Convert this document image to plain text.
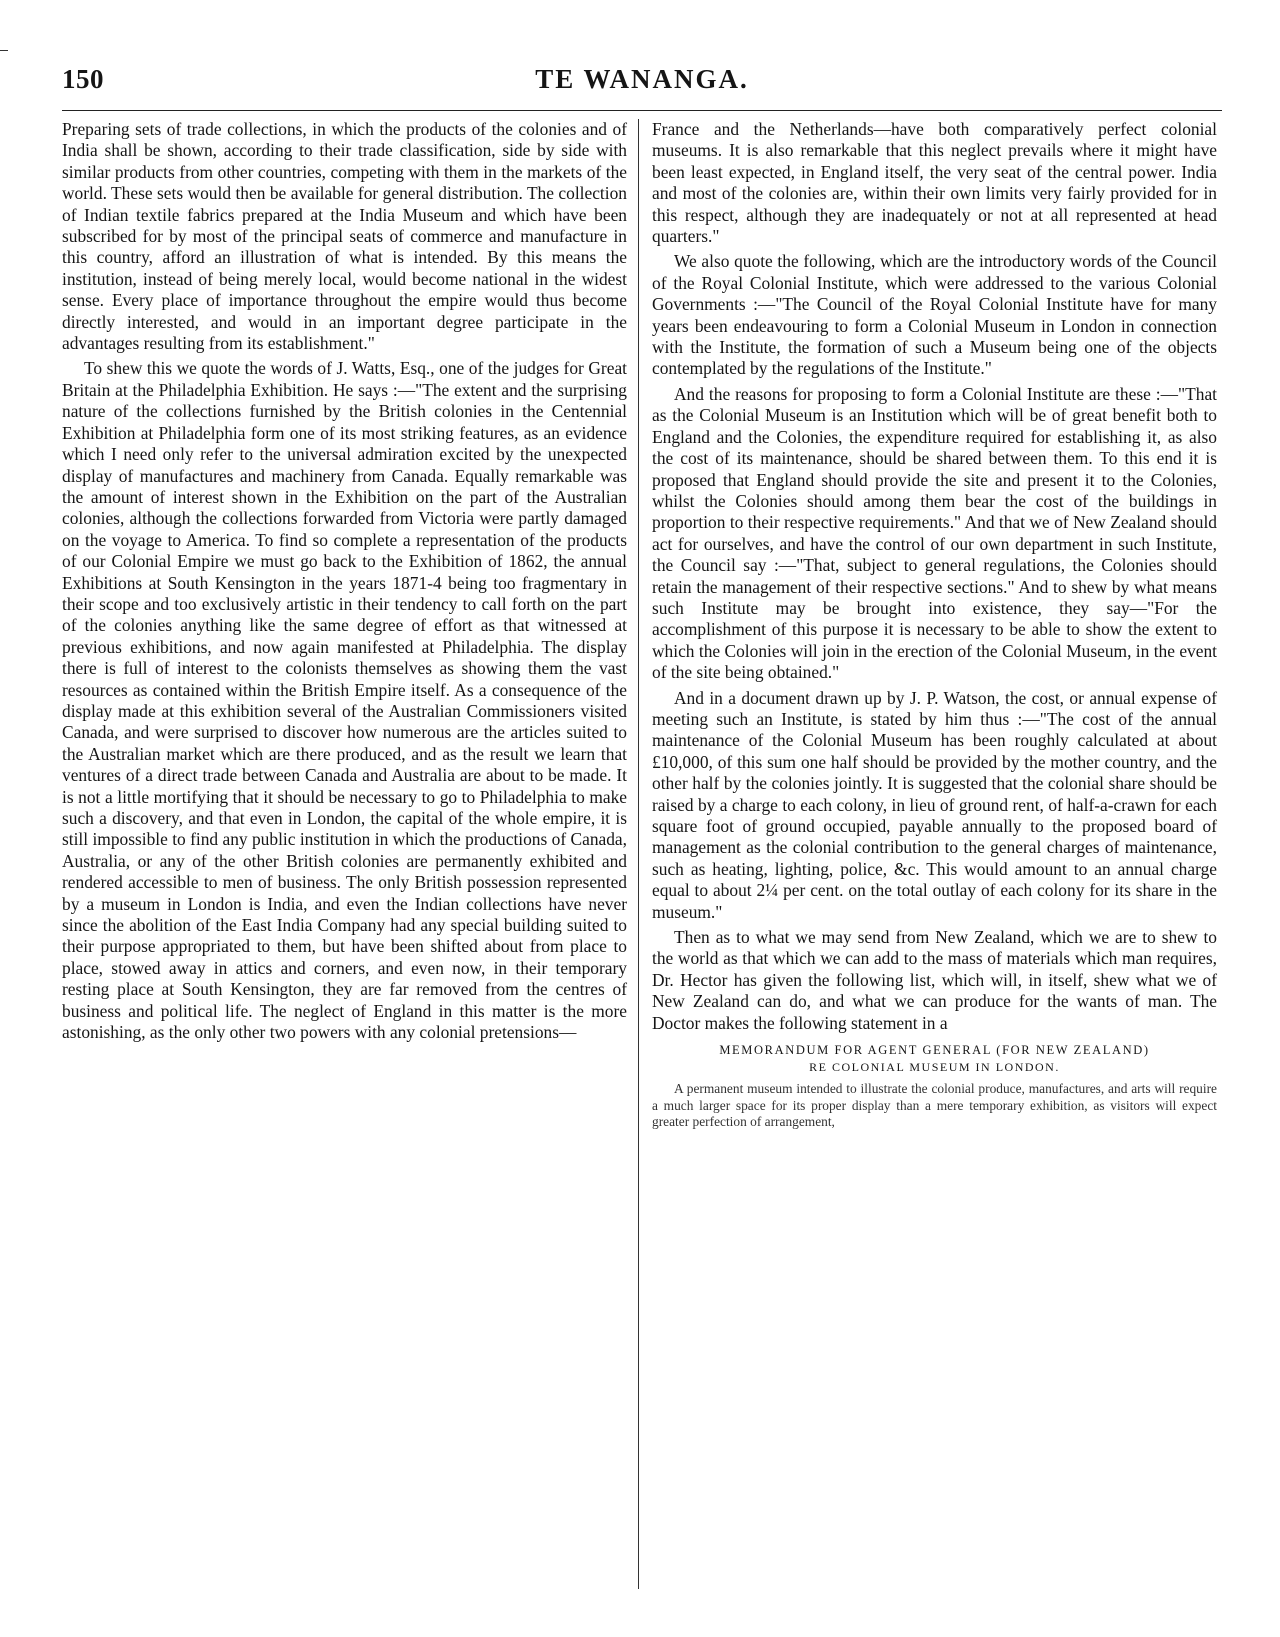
150	TE WANANGA.

Preparing sets of trade collections, in which the products of the colonies and of India shall be shown, according to their trade classification, side by side with similar products from other countries, competing with them in the markets of the world. These sets would then be available for general distribution. The collection of Indian textile fabrics prepared at the India Museum and which have been subscribed for by most of the principal seats of commerce and manufacture in this country, afford an illustration of what is intended. By this means the institution, instead of being merely local, would become national in the widest sense. Every place of importance throughout the empire would thus become directly interested, and would in an important degree participate in the advantages resulting from its establishment."

To shew this we quote the words of J. Watts, Esq., one of the judges for Great Britain at the Philadelphia Exhibition. He says :—"The extent and the surprising nature of the collections furnished by the British colonies in the Centennial Exhibition at Philadelphia form one of its most striking features, as an evidence which I need only refer to the universal admiration excited by the unexpected display of manufactures and machinery from Canada. Equally remarkable was the amount of interest shown in the Exhibition on the part of the Australian colonies, although the collections forwarded from Victoria were partly damaged on the voyage to America. To find so complete a representation of the products of our Colonial Empire we must go back to the Exhibition of 1862, the annual Exhibitions at South Kensington in the years 1871-4 being too fragmentary in their scope and too exclusively artistic in their tendency to call forth on the part of the colonies anything like the same degree of effort as that witnessed at previous exhibitions, and now again manifested at Philadelphia. The display there is full of interest to the colonists themselves as showing them the vast resources as contained within the British Empire itself. As a consequence of the display made at this exhibition several of the Australian Commissioners visited Canada, and were surprised to discover how numerous are the articles suited to the Australian market which are there produced, and as the result we learn that ventures of a direct trade between Canada and Australia are about to be made. It is not a little mortifying that it should be necessary to go to Philadelphia to make such a discovery, and that even in London, the capital of the whole empire, it is still impossible to find any public institution in which the productions of Canada, Australia, or any of the other British colonies are permanently exhibited and rendered accessible to men of business. The only British possession represented by a museum in London is India, and even the Indian collections have never since the abolition of the East India Company had any special building suited to their purpose appropriated to them, but have been shifted about from place to place, stowed away in attics and corners, and even now, in their temporary resting place at South Kensington, they are far removed from the centres of business and political life. The neglect of England in this matter is the more astonishing, as the only other two powers with any colonial pretensions—

France and the Netherlands—have both comparatively perfect colonial museums. It is also remarkable that this neglect prevails where it might have been least expected, in England itself, the very seat of the central power. India and most of the colonies are, within their own limits very fairly provided for in this respect, although they are inadequately or not at all represented at head quarters."

We also quote the following, which are the introductory words of the Council of the Royal Colonial Institute, which were addressed to the various Colonial Governments :—"The Council of the Royal Colonial Institute have for many years been endeavouring to form a Colonial Museum in London in connection with the Institute, the formation of such a Museum being one of the objects contemplated by the regulations of the Institute."

And the reasons for proposing to form a Colonial Institute are these :—"That as the Colonial Museum is an Institution which will be of great benefit both to England and the Colonies, the expenditure required for establishing it, as also the cost of its maintenance, should be shared between them. To this end it is proposed that England should provide the site and present it to the Colonies, whilst the Colonies should among them bear the cost of the buildings in proportion to their respective requirements." And that we of New Zealand should act for ourselves, and have the control of our own department in such Institute, the Council say :—"That, subject to general regulations, the Colonies should retain the management of their respective sections." And to shew by what means such Institute may be brought into existence, they say—"For the accomplishment of this purpose it is necessary to be able to show the extent to which the Colonies will join in the erection of the Colonial Museum, in the event of the site being obtained."

And in a document drawn up by J. P. Watson, the cost, or annual expense of meeting such an Institute, is stated by him thus :—"The cost of the annual maintenance of the Colonial Museum has been roughly calculated at about £10,000, of this sum one half should be provided by the mother country, and the other half by the colonies jointly. It is suggested that the colonial share should be raised by a charge to each colony, in lieu of ground rent, of half-a-crawn for each square foot of ground occupied, payable annually to the proposed board of management as the colonial contribution to the general charges of maintenance, such as heating, lighting, police, &c. This would amount to an annual charge equal to about 2¼ per cent. on the total outlay of each colony for its share in the museum."

Then as to what we may send from New Zealand, which we are to shew to the world as that which we can add to the mass of materials which man requires, Dr. Hector has given the following list, which will, in itself, shew what we of New Zealand can do, and what we can produce for the wants of man. The Doctor makes the following statement in a

MEMORANDUM FOR AGENT GENERAL (FOR NEW ZEALAND)
RE COLONIAL MUSEUM IN LONDON.

A permanent museum intended to illustrate the colonial produce, manufactures, and arts will require a much larger space for its proper display than a mere temporary exhibition, as visitors will expect greater perfection of arrangement,
